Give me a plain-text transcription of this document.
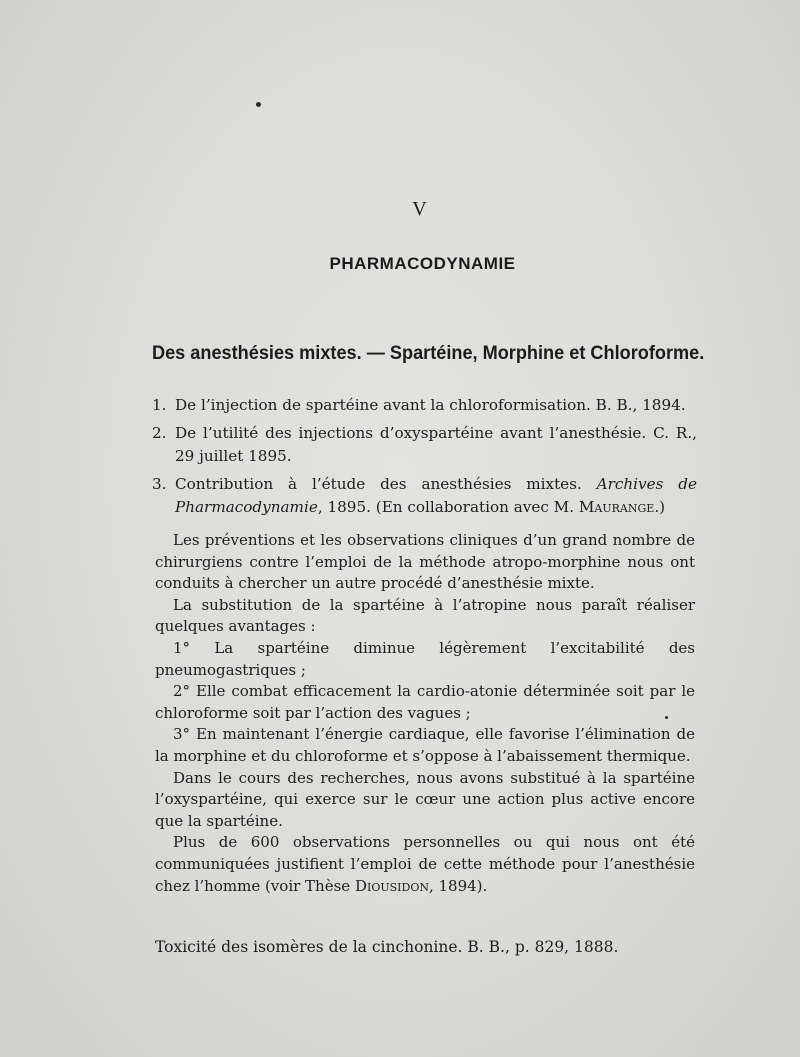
V
PHARMACODYNAMIE
Des anesthésies mixtes. — Spartéine, Morphine et Chloroforme.
1. De l’injection de spartéine avant la chloroformisation. B. B., 1894.
2. De l’utilité des injections d’oxyspartéine avant l’anesthésie. C. R., 29 juillet 1895.
3. Contribution à l’étude des anesthésies mixtes. Archives de Pharmacodynamie, 1895. (En collaboration avec M. Maurange.)

Les préventions et les observations cliniques d’un grand nombre de chirurgiens contre l’emploi de la méthode atropo-morphine nous ont conduits à chercher un autre procédé d’anesthésie mixte.

La substitution de la spartéine à l’atropine nous paraît réaliser quelques avantages :

1° La spartéine diminue légèrement l’excitabilité des pneumogastriques ;

2° Elle combat efficacement la cardio-atonie déterminée soit par le chloroforme soit par l’action des vagues ;

3° En maintenant l’énergie cardiaque, elle favorise l’élimination de la morphine et du chloroforme et s’oppose à l’abaissement thermique.

Dans le cours des recherches, nous avons substitué à la spartéine l’oxyspartéine, qui exerce sur le cœur une action plus active encore que la spartéine.

Plus de 600 observations personnelles ou qui nous ont été communiquées justifient l’emploi de cette méthode pour l’anesthésie chez l’homme (voir Thèse Diousidon, 1894).

Toxicité des isomères de la cinchonine. B. B., p. 829, 1888.
